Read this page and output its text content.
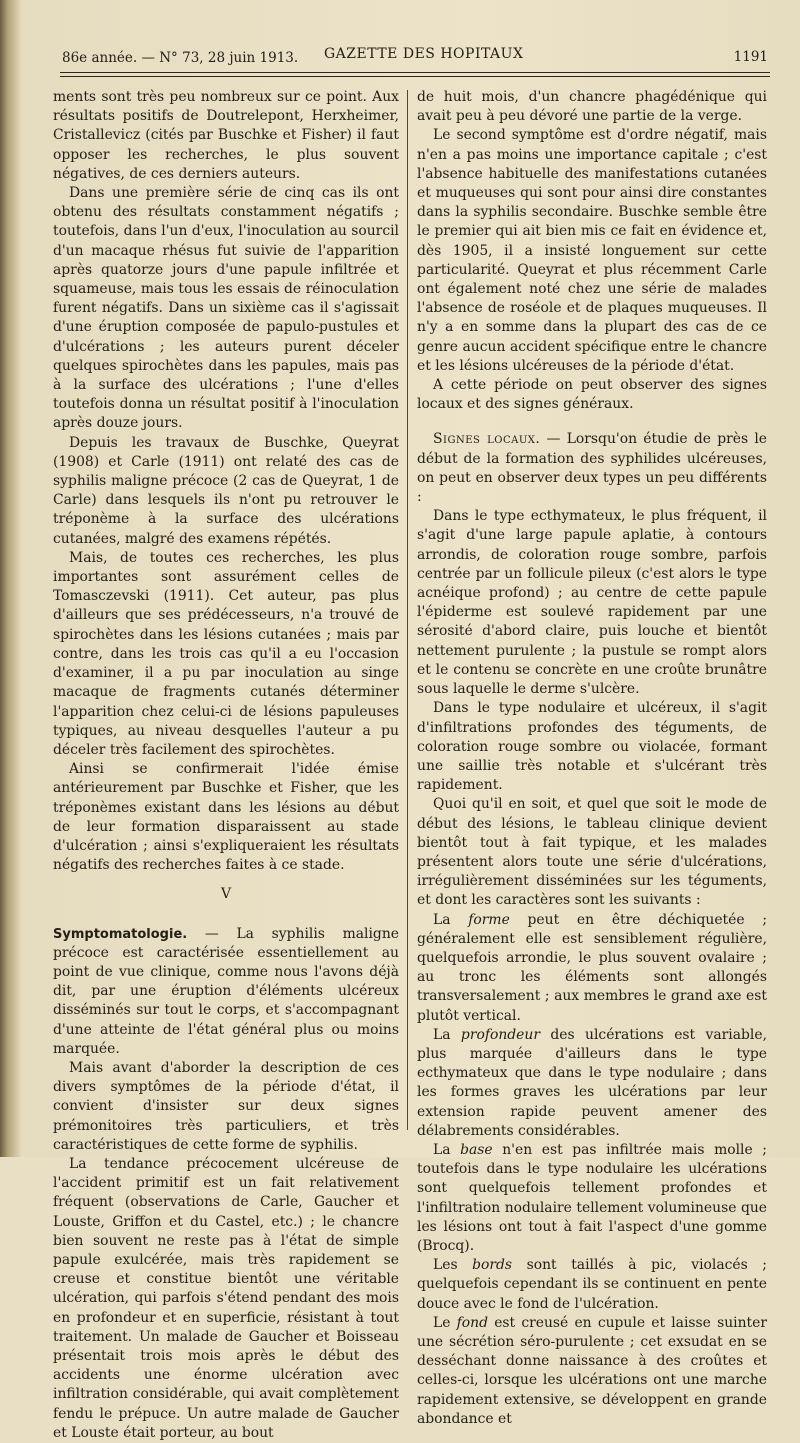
86e année. — N° 73, 28 juin 1913. GAZETTE DES HOPITAUX	1191

ments sont très peu nombreux sur ce point. Aux résultats positifs de Doutrelepont, Herxheimer, Cristallevicz (cités par Buschke et Fisher) il faut opposer les recherches, le plus souvent négatives, de ces derniers auteurs.

Dans une première série de cinq cas ils ont obtenu des résultats constamment négatifs ; toutefois, dans l'un d'eux, l'inoculation au sourcil d'un macaque rhésus fut suivie de l'apparition après quatorze jours d'une papule infiltrée et squameuse, mais tous les essais de réinoculation furent négatifs. Dans un sixième cas il s'agissait d'une éruption composée de papulo-pustules et d'ulcérations ; les auteurs purent déceler quelques spirochètes dans les papules, mais pas à la surface des ulcérations ; l'une d'elles toutefois donna un résultat positif à l'inoculation après douze jours.

Depuis les travaux de Buschke, Queyrat (1908) et Carle (1911) ont relaté des cas de syphilis maligne précoce (2 cas de Queyrat, 1 de Carle) dans lesquels ils n'ont pu retrouver le tréponème à la surface des ulcérations cutanées, malgré des examens répétés.

Mais, de toutes ces recherches, les plus importantes sont assurément celles de Tomasczevski (1911). Cet auteur, pas plus d'ailleurs que ses prédécesseurs, n'a trouvé de spirochètes dans les lésions cutanées ; mais par contre, dans les trois cas qu'il a eu l'occasion d'examiner, il a pu par inoculation au singe macaque de fragments cutanés déterminer l'apparition chez celui-ci de lésions papuleuses typiques, au niveau desquelles l'auteur a pu déceler très facilement des spirochètes.

Ainsi se confirmerait l'idée émise antérieurement par Buschke et Fisher, que les tréponèmes existant dans les lésions au début de leur formation disparaissent au stade d'ulcération ; ainsi s'expliqueraient les résultats négatifs des recherches faites à ce stade.

V

Symptomatologie. — La syphilis maligne précoce est caractérisée essentiellement au point de vue clinique, comme nous l'avons déjà dit, par une éruption d'éléments ulcéreux disséminés sur tout le corps, et s'accompagnant d'une atteinte de l'état général plus ou moins marquée.

Mais avant d'aborder la description de ces divers symptômes de la période d'état, il convient d'insister sur deux signes prémonitoires très particuliers, et très caractéristiques de cette forme de syphilis.

La tendance précocement ulcéreuse de l'accident primitif est un fait relativement fréquent (observations de Carle, Gaucher et Louste, Griffon et du Castel, etc.) ; le chancre bien souvent ne reste pas à l'état de simple papule exulcérée, mais très rapidement se creuse et constitue bientôt une véritable ulcération, qui parfois s'étend pendant des mois en profondeur et en superficie, résistant à tout traitement. Un malade de Gaucher et Boisseau présentait trois mois après le début des accidents une énorme ulcération avec infiltration considérable, qui avait complètement fendu le prépuce. Un autre malade de Gaucher et Louste était porteur, au bout

de huit mois, d'un chancre phagédénique qui avait peu à peu dévoré une partie de la verge.

Le second symptôme est d'ordre négatif, mais n'en a pas moins une importance capitale ; c'est l'absence habituelle des manifestations cutanées et muqueuses qui sont pour ainsi dire constantes dans la syphilis secondaire. Buschke semble être le premier qui ait bien mis ce fait en évidence et, dès 1905, il a insisté longuement sur cette particularité. Queyrat et plus récemment Carle ont également noté chez une série de malades l'absence de roséole et de plaques muqueuses. Il n'y a en somme dans la plupart des cas de ce genre aucun accident spécifique entre le chancre et les lésions ulcéreuses de la période d'état.

A cette période on peut observer des signes locaux et des signes généraux.

Signes locaux. — Lorsqu'on étudie de près le début de la formation des syphilides ulcéreuses, on peut en observer deux types un peu différents :

Dans le type ecthymateux, le plus fréquent, il s'agit d'une large papule aplatie, à contours arrondis, de coloration rouge sombre, parfois centrée par un follicule pileux (c'est alors le type acnéique profond) ; au centre de cette papule l'épiderme est soulevé rapidement par une sérosité d'abord claire, puis louche et bientôt nettement purulente ; la pustule se rompt alors et le contenu se concrète en une croûte brunâtre sous laquelle le derme s'ulcère.

Dans le type nodulaire et ulcéreux, il s'agit d'infiltrations profondes des téguments, de coloration rouge sombre ou violacée, formant une saillie très notable et s'ulcérant très rapidement.

Quoi qu'il en soit, et quel que soit le mode de début des lésions, le tableau clinique devient bientôt tout à fait typique, et les malades présentent alors toute une série d'ulcérations, irrégulièrement disséminées sur les téguments, et dont les caractères sont les suivants :

La forme peut en être déchiquetée ; généralement elle est sensiblement régulière, quelquefois arrondie, le plus souvent ovalaire ; au tronc les éléments sont allongés transversalement ; aux membres le grand axe est plutôt vertical.

La profondeur des ulcérations est variable, plus marquée d'ailleurs dans le type ecthymateux que dans le type nodulaire ; dans les formes graves les ulcérations par leur extension rapide peuvent amener des délabrements considérables.

La base n'en est pas infiltrée mais molle ; toutefois dans le type nodulaire les ulcérations sont quelquefois tellement profondes et l'infiltration nodulaire tellement volumineuse que les lésions ont tout à fait l'aspect d'une gomme (Brocq).

Les bords sont taillés à pic, violacés ; quelquefois cependant ils se continuent en pente douce avec le fond de l'ulcération.

Le fond est creusé en cupule et laisse suinter une sécrétion séro-purulente ; cet exsudat en se desséchant donne naissance à des croûtes et celles-ci, lorsque les ulcérations ont une marche rapidement extensive, se développent en grande abondance et
